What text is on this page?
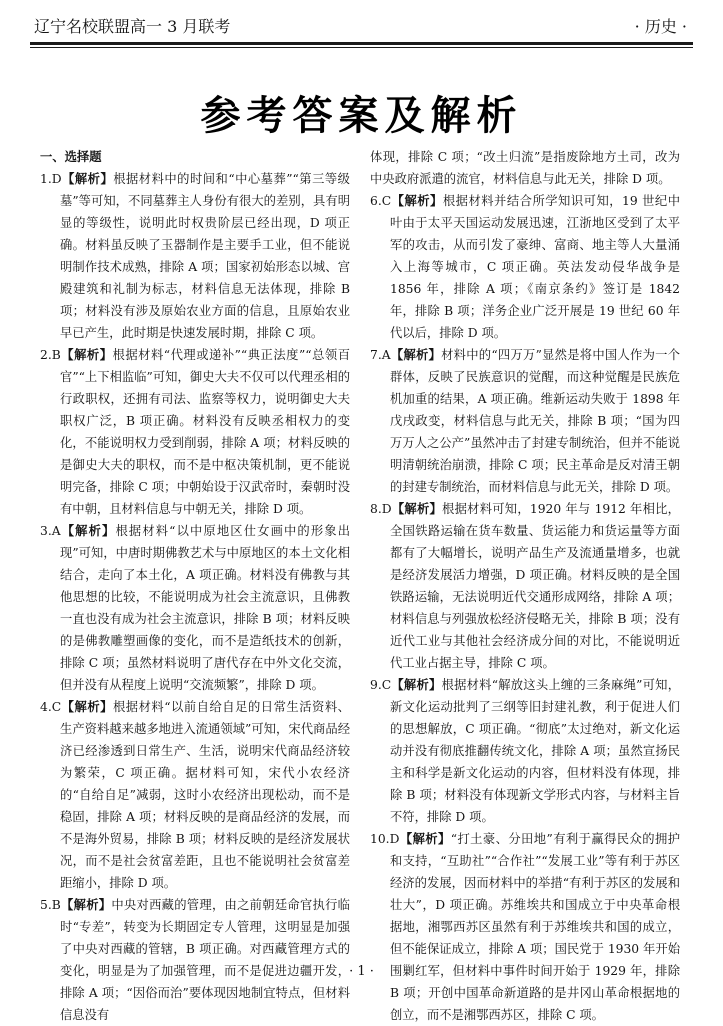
辽宁名校联盟高一 3 月联考	· 历史 ·
参考答案及解析
一、选择题
1.D【解析】根据材料中的时间和“中心墓葬”“第三等级墓”等可知，不同墓葬主人身份有很大的差别，具有明显的等级性，说明此时权贵阶层已经出现，D 项正确。材料虽反映了玉器制作是主要手工业，但不能说明制作技术成熟，排除 A 项；国家初始形态以城、宫殿建筑和礼制为标志，材料信息无法体现，排除 B 项；材料没有涉及原始农业方面的信息，且原始农业早已产生，此时期是快速发展时期，排除 C 项。
2.B【解析】根据材料“代理或递补”“典正法度”“总领百官”“上下相监临”可知，御史大夫不仅可以代理丞相的行政职权，还拥有司法、监察等权力，说明御史大夫职权广泛，B 项正确。材料没有反映丞相权力的变化，不能说明权力受到削弱，排除 A 项；材料反映的是御史大夫的职权，而不是中枢决策机制，更不能说明完备，排除 C 项；中朝始设于汉武帝时，秦朝时没有中朝，且材料信息与中朝无关，排除 D 项。
3.A【解析】根据材料“以中原地区仕女画中的形象出现”可知，中唐时期佛教艺术与中原地区的本土文化相结合，走向了本土化，A 项正确。材料没有佛教与其他思想的比较，不能说明成为社会主流意识，且佛教一直也没有成为社会主流意识，排除 B 项；材料反映的是佛教雕塑画像的变化，而不是造纸技术的创新，排除 C 项；虽然材料说明了唐代存在中外文化交流，但并没有从程度上说明“交流频繁”，排除 D 项。
4.C【解析】根据材料“以前自给自足的日常生活资料、生产资料越来越多地进入流通领域”可知，宋代商品经济已经渗透到日常生产、生活，说明宋代商品经济较为繁荣，C 项正确。据材料可知，宋代小农经济的“自给自足”减弱，这时小农经济出现松动，而不是稳固，排除 A 项；材料反映的是商品经济的发展，而不是海外贸易，排除 B 项；材料反映的是经济发展状况，而不是社会贫富差距，且也不能说明社会贫富差距缩小，排除 D 项。
5.B【解析】中央对西藏的管理，由之前朝廷命官执行临时“专差”，转变为长期固定专人管理，这明显是加强了中央对西藏的管辖，B 项正确。对西藏管理方式的变化，明显是为了加强管理，而不是促进边疆开发，排除 A 项；“因俗而治”要体现因地制宜特点，但材料信息没有
体现，排除 C 项；“改土归流”是指废除地方土司，改为中央政府派遣的流官，材料信息与此无关，排除 D 项。
6.C【解析】根据材料并结合所学知识可知，19 世纪中叶由于太平天国运动发展迅速，江浙地区受到了太平军的攻击，从而引发了豪绅、富商、地主等人大量涌入上海等城市，C 项正确。英法发动侵华战争是 1856 年，排除 A 项；《南京条约》签订是 1842 年，排除 B 项；洋务企业广泛开展是 19 世纪 60 年代以后，排除 D 项。
7.A【解析】材料中的“四万万”显然是将中国人作为一个群体，反映了民族意识的觉醒，而这种觉醒是民族危机加重的结果，A 项正确。维新运动失败于 1898 年戊戌政变，材料信息与此无关，排除 B 项；“国为四万万人之公产”虽然冲击了封建专制统治，但并不能说明清朝统治崩溃，排除 C 项；民主革命是反对清王朝的封建专制统治，而材料信息与此无关，排除 D 项。
8.D【解析】根据材料可知，1920 年与 1912 年相比，全国铁路运输在货车数量、货运能力和货运量等方面都有了大幅增长，说明产品生产及流通量增多，也就是经济发展活力增强，D 项正确。材料反映的是全国铁路运输，无法说明近代交通形成网络，排除 A 项；材料信息与列强放松经济侵略无关，排除 B 项；没有近代工业与其他社会经济成分间的对比，不能说明近代工业占据主导，排除 C 项。
9.C【解析】根据材料“解放这头上缠的三条麻绳”可知，新文化运动批判了三纲等旧封建礼教，利于促进人们的思想解放，C 项正确。“彻底”太过绝对，新文化运动并没有彻底推翻传统文化，排除 A 项；虽然宣扬民主和科学是新文化运动的内容，但材料没有体现，排除 B 项；材料没有体现新文学形式内容，与材料主旨不符，排除 D 项。
10.D【解析】“打土豪、分田地”有利于赢得民众的拥护和支持，“互助社”“合作社”“发展工业”等有利于苏区经济的发展，因而材料中的举措“有利于苏区的发展和壮大”，D 项正确。苏维埃共和国成立于中央革命根据地，湘鄂西苏区虽然有利于苏维埃共和国的成立，但不能保证成立，排除 A 项；国民党于 1930 年开始围剿红军，但材料中事件时间开始于 1929 年，排除 B 项；开创中国革命新道路的是井冈山革命根据地的创立，而不是湘鄂西苏区，排除 C 项。
· 1 ·
